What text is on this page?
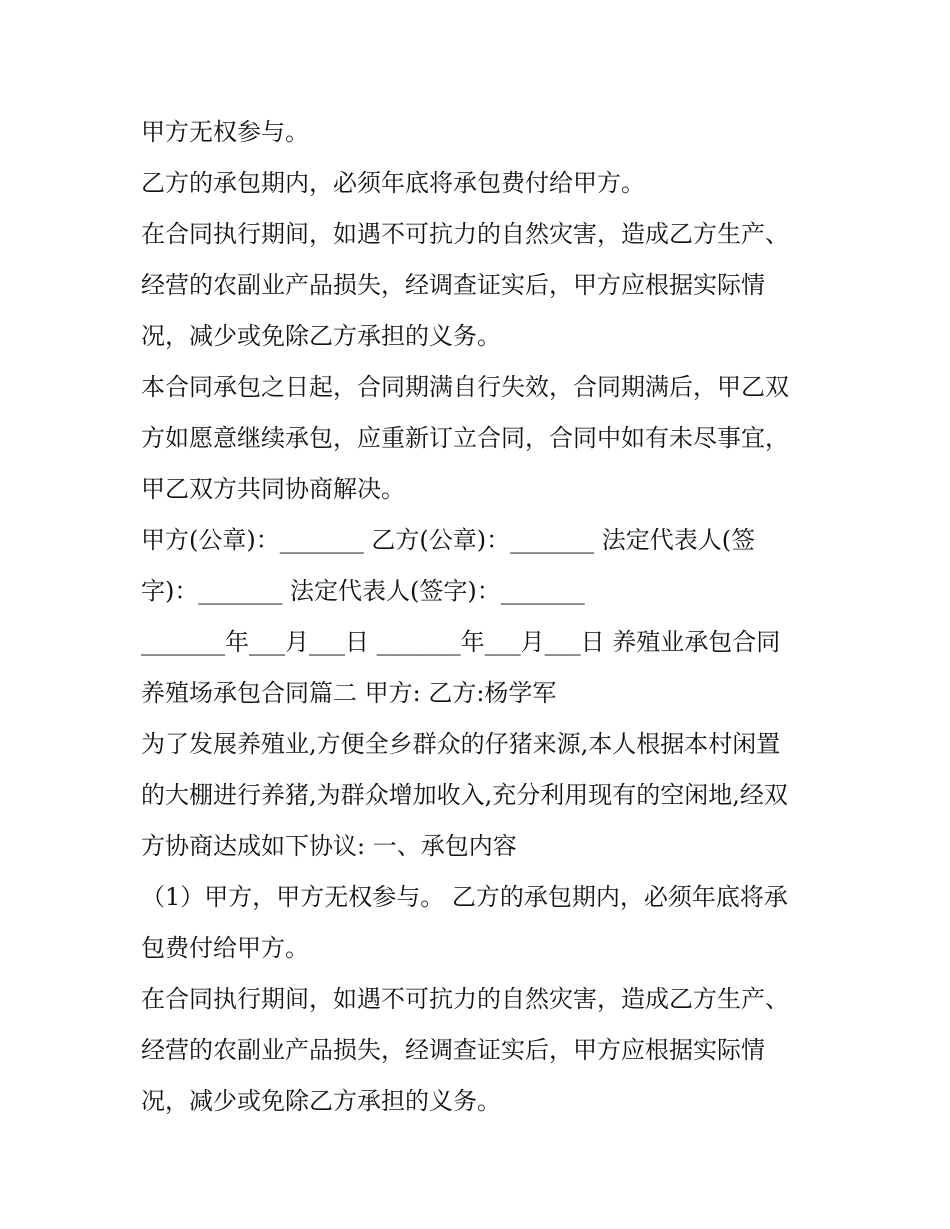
甲方无权参与。

乙方的承包期内，必须年底将承包费付给甲方。

在合同执行期间，如遇不可抗力的自然灾害，造成乙方生产、

经营的农副业产品损失，经调查证实后，甲方应根据实际情

况，减少或免除乙方承担的义务。

本合同承包之日起，合同期满自行失效，合同期满后，甲乙双

方如愿意继续承包，应重新订立合同，合同中如有未尽事宜，

甲乙双方共同协商解决。

甲方(公章)：_______ 乙方(公章)：_______ 法定代表人(签

字)：_______ 法定代表人(签字)：_______

_______年___月___日 _______年___月___日 养殖业承包合同

养殖场承包合同篇二 甲方: 乙方:杨学军

为了发展养殖业,方便全乡群众的仔猪来源,本人根据本村闲置

的大棚进行养猪,为群众增加收入,充分利用现有的空闲地,经双

方协商达成如下协议: 一、承包内容

（1）甲方，甲方无权参与。 乙方的承包期内，必须年底将承

包费付给甲方。

在合同执行期间，如遇不可抗力的自然灾害，造成乙方生产、

经营的农副业产品损失，经调查证实后，甲方应根据实际情

况，减少或免除乙方承担的义务。
